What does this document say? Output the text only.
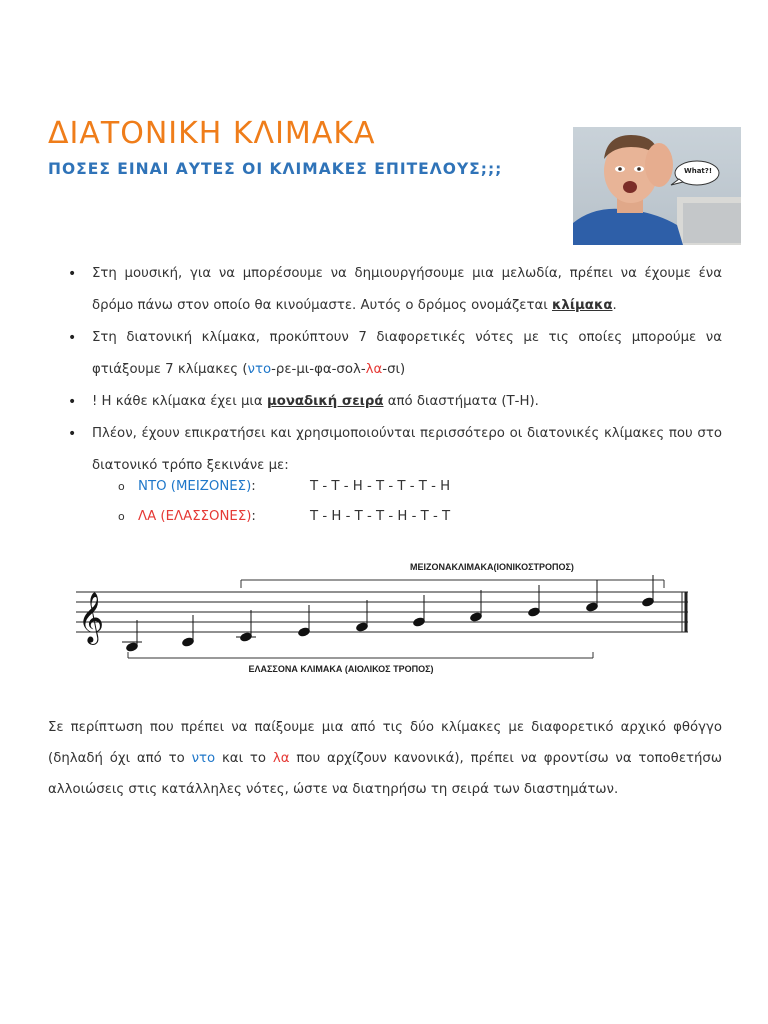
ΔΙΑΤΟΝΙΚΗ ΚΛΙΜΑΚΑ
ΠΟΣΕΣ ΕΙΝΑΙ ΑΥΤΕΣ ΟΙ ΚΛΙΜΑΚΕΣ ΕΠΙΤΕΛΟΥΣ;;;	What?!
• Στη μουσική, για να μπορέσουμε να δημιουργήσουμε μια μελωδία, πρέπει να έχουμε ένα δρόμο πάνω στον οποίο θα κινούμαστε. Αυτός ο δρόμος ονομάζεται κλίμακα.
• Στη διατονική κλίμακα, προκύπτουν 7 διαφορετικές νότες με τις οποίες μπορούμε να φτιάξουμε 7 κλίμακες (ντο-ρε-μι-φα-σολ-λα-σι)
• ! Η κάθε κλίμακα έχει μια μοναδική σειρά από διαστήματα (Τ-Η).
• Πλέον, έχουν επικρατήσει και χρησιμοποιούνται περισσότερο οι διατονικές κλίμακες που στο διατονικό τρόπο ξεκινάνε με:
o ΝΤΟ (ΜΕΙΖΟΝΕΣ):	T - T - H - T - T - T - H
o ΛΑ (ΕΛΑΣΣΟΝΕΣ):	T - H - T - T - H - T - T
ΜΕΙΖΟΝΑΚΛΙΜΑΚΑ(ΙΟΝΙΚΟΣΤΡΟΠΟΣ)
𝄞
ΕΛΑΣΣΟΝΑ ΚΛΙΜΑΚΑ (ΑΙΟΛΙΚΟΣ ΤΡΟΠΟΣ)
Σε περίπτωση που πρέπει να παίξουμε μια από τις δύο κλίμακες με διαφορετικό αρχικό φθόγγο (δηλαδή όχι από το ντο και το λα που αρχίζουν κανονικά), πρέπει να φροντίσω να τοποθετήσω αλλοιώσεις στις κατάλληλες νότες, ώστε να διατηρήσω τη σειρά των διαστημάτων.
